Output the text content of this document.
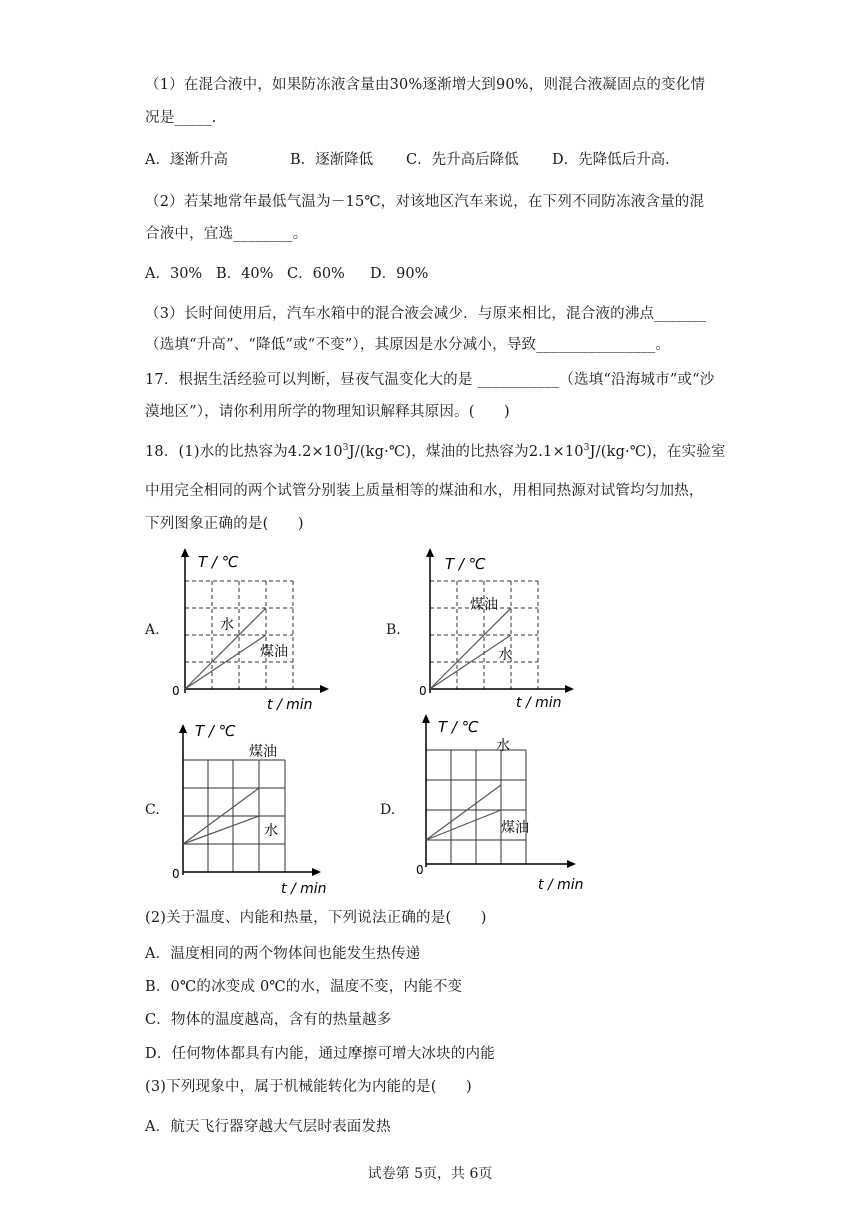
（1）在混合液中，如果防冻液含量由30%逐渐增大到90%，则混合液凝固点的变化情
况是_____.
A．逐渐升高	B．逐渐降低 C．先升高后降低 D．先降低后升高.
（2）若某地常年最低气温为－15℃，对该地区汽车来说，在下列不同防冻液含量的混
合液中，宜选________。
A．30% B．40% C．60% D．90%
（3）长时间使用后，汽车水箱中的混合液会减少．与原来相比，混合液的沸点_______
（选填“升高”、“降低”或“不变”），其原因是水分减小，导致________________。
17．根据生活经验可以判断，昼夜气温变化大的是 ___________（选填“沿海城市”或“沙
漠地区”），请你利用所学的物理知识解释其原因。(　　)
18．(1)水的比热容为$4.2\times 10^3J/(kg\cdot℃)$，煤油的比热容为$2.1\times 10^3J/(kg\cdot℃)$，在实验室
中用完全相同的两个试管分别装上质量相等的煤油和水，用相同热源对试管均匀加热，
下列图象正确的是(　　)
A.	B.
C.	D.
T / ℃
t / min
0
水
煤油
T / ℃
t / min
0
煤油
水
T / ℃
t / min
0
煤油
水
T / ℃
t / min
0
水
煤油
(2)关于温度、内能和热量，下列说法正确的是(　　)
A．温度相同的两个物体间也能发生热传递
B．0℃的冰变成 0℃的水，温度不变，内能不变
C．物体的温度越高，含有的热量越多
D．任何物体都具有内能，通过摩擦可增大冰块的内能
(3)下列现象中，属于机械能转化为内能的是(　　)
A．航天飞行器穿越大气层时表面发热
试卷第 5页，共 6页
